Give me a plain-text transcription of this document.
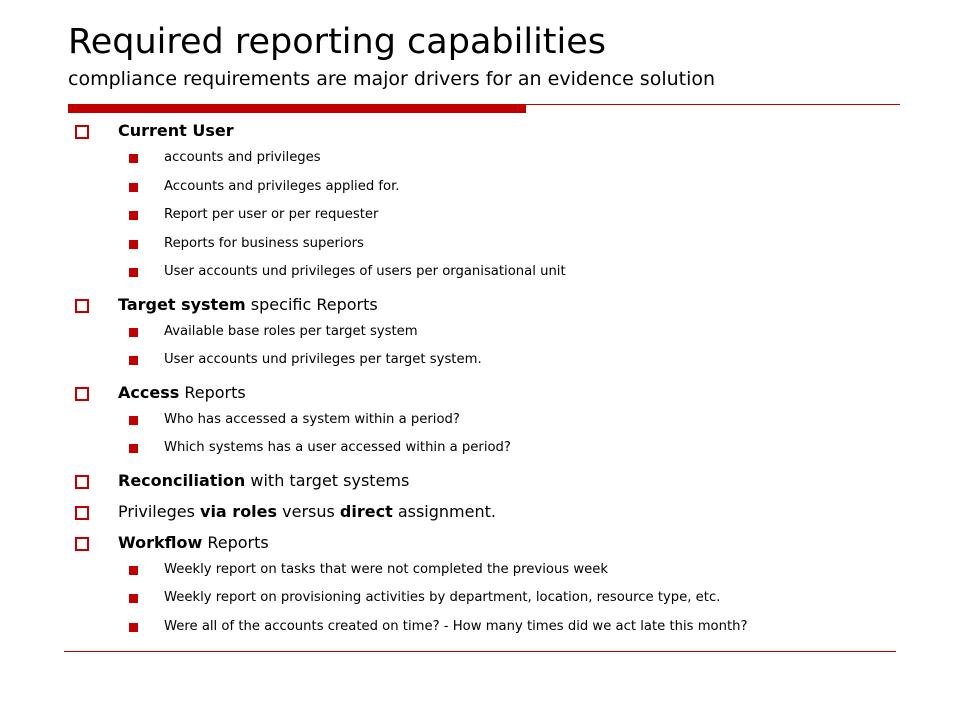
Required reporting capabilities
compliance requirements are major drivers for an evidence solution
Current User
accounts and privileges
Accounts and privileges applied for.
Report per user or per requester
Reports for business superiors
User accounts und privileges of users per organisational unit
Target system specific Reports
Available base roles per target system
User accounts und privileges per target system.
Access Reports
Who has accessed a system within a period?
Which systems has a user accessed within a period?
Reconciliation with target systems
Privileges via roles versus direct assignment.
Workflow Reports
Weekly report on tasks that were not completed the previous week
Weekly report on provisioning activities by department, location, resource type, etc.
Were all of the accounts created on time? - How many times did we act late this month?
